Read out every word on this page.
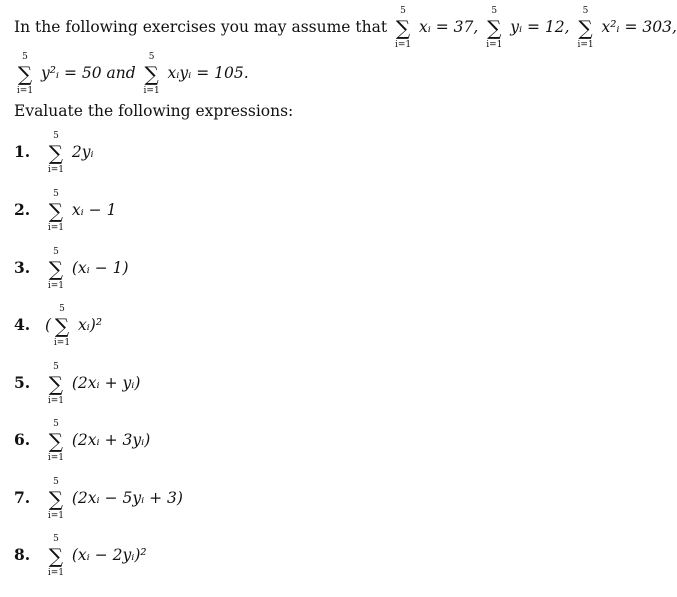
In the following exercises you may assume that
5
∑
i=1
xᵢ = 37,
5
∑
i=1
yᵢ = 12,
5
∑
i=1
x²ᵢ = 303,
5
∑
i=1
y²ᵢ = 50 and
5
∑
i=1
xᵢyᵢ = 105.
Evaluate the following expressions:
1.
5
∑
i=1
2yᵢ
2.
5
∑
i=1
xᵢ − 1
3.
5
∑
i=1
(xᵢ − 1)
4. (
5
∑
i=1
xᵢ)²
5.
5
∑
i=1
(2xᵢ + yᵢ)
6.
5
∑
i=1
(2xᵢ + 3yᵢ)
7.
5
∑
i=1
(2xᵢ − 5yᵢ + 3)
8.
5
∑
i=1
(xᵢ − 2yᵢ)²
